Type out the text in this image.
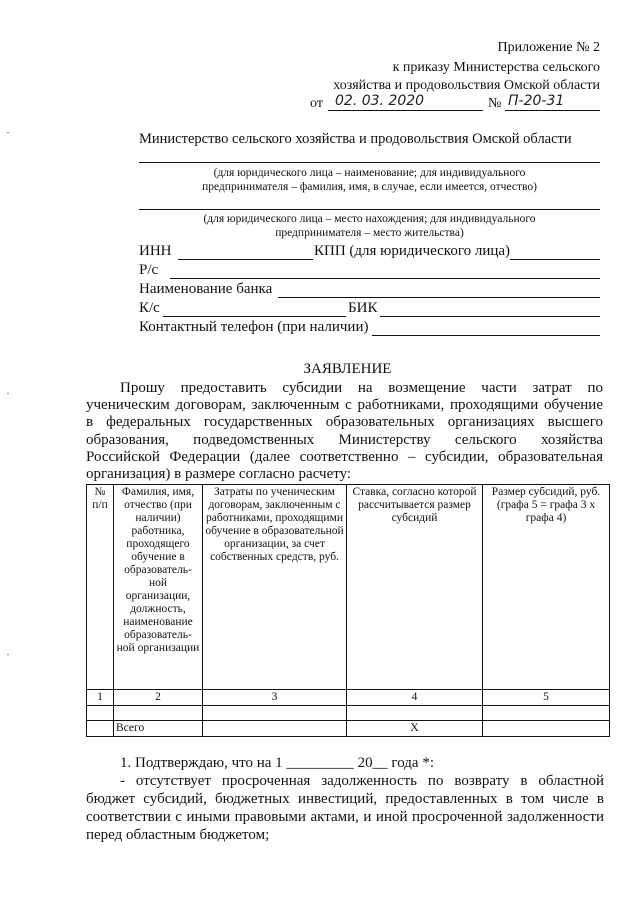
Приложение № 2
к приказу Министерства сельского
хозяйства и продовольствия Омской области
от 02. 03. 2020	№ П-20-31
Министерство сельского хозяйства и продовольствия Омской области
(для юридического лица – наименование; для индивидуального
предпринимателя – фамилия, имя, в случае, если имеется, отчество)
(для юридического лица – место нахождения; для индивидуального
предпринимателя – место жительства)
ИНН	КПП (для юридического лица)
Р/с
Наименование банка
К/с	БИК
Контактный телефон (при наличии)
ЗАЯВЛЕНИЕ
Прошу предоставить субсидии на возмещение части затрат по
ученическим договорам, заключенным с работниками, проходящими обучение
в федеральных государственных образовательных организациях высшего
образования, подведомственных Министерству сельского хозяйства
Российской Федерации (далее соответственно – субсидии, образовательная
организация) в размере согласно расчету:
№ п/п	Фамилия, имя, отчество (при наличии) работника, проходящего обучение в образователь-ной организации, должность, наименование образователь-ной организации	Затраты по ученическим договорам, заключенным с работниками, проходящими обучение в образовательной организации, за счет собственных средств, руб.	Ставка, согласно которой рассчитывается размер субсидий	Размер субсидий, руб. (графа 5 = графа 3 х графа 4)
1	2	3	4	5

	Всего		Х	
1. Подтверждаю, что на 1 _________ 20__ года *:
- отсутствует просроченная задолженность по возврату в областной
бюджет субсидий, бюджетных инвестиций, предоставленных в том числе в
соответствии с иными правовыми актами, и иной просроченной задолженности
перед областным бюджетом;
